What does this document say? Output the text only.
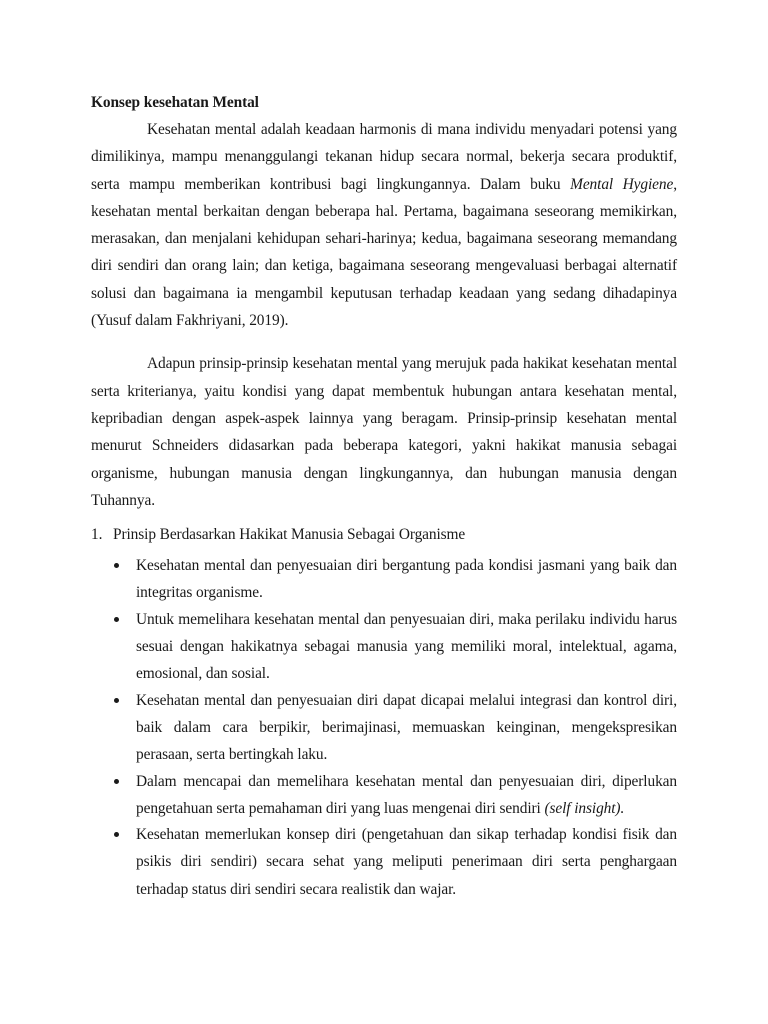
Konsep kesehatan Mental

Kesehatan mental adalah keadaan harmonis di mana individu menyadari potensi yang dimilikinya, mampu menanggulangi tekanan hidup secara normal, bekerja secara produktif, serta mampu memberikan kontribusi bagi lingkungannya. Dalam buku Mental Hygiene, kesehatan mental berkaitan dengan beberapa hal. Pertama, bagaimana seseorang memikirkan, merasakan, dan menjalani kehidupan sehari-harinya; kedua, bagaimana seseorang memandang diri sendiri dan orang lain; dan ketiga, bagaimana seseorang mengevaluasi berbagai alternatif solusi dan bagaimana ia mengambil keputusan terhadap keadaan yang sedang dihadapinya (Yusuf dalam Fakhriyani, 2019).

Adapun prinsip-prinsip kesehatan mental yang merujuk pada hakikat kesehatan mental serta kriterianya, yaitu kondisi yang dapat membentuk hubungan antara kesehatan mental, kepribadian dengan aspek-aspek lainnya yang beragam. Prinsip-prinsip kesehatan mental menurut Schneiders didasarkan pada beberapa kategori, yakni hakikat manusia sebagai organisme, hubungan manusia dengan lingkungannya, dan hubungan manusia dengan Tuhannya.

1. Prinsip Berdasarkan Hakikat Manusia Sebagai Organisme
Kesehatan mental dan penyesuaian diri bergantung pada kondisi jasmani yang baik dan integritas organisme.
Untuk memelihara kesehatan mental dan penyesuaian diri, maka perilaku individu harus sesuai dengan hakikatnya sebagai manusia yang memiliki moral, intelektual, agama, emosional, dan sosial.
Kesehatan mental dan penyesuaian diri dapat dicapai melalui integrasi dan kontrol diri, baik dalam cara berpikir, berimajinasi, memuaskan keinginan, mengekspresikan perasaan, serta bertingkah laku.
Dalam mencapai dan memelihara kesehatan mental dan penyesuaian diri, diperlukan pengetahuan serta pemahaman diri yang luas mengenai diri sendiri (self insight).
Kesehatan memerlukan konsep diri (pengetahuan dan sikap terhadap kondisi fisik dan psikis diri sendiri) secara sehat yang meliputi penerimaan diri serta penghargaan terhadap status diri sendiri secara realistik dan wajar.
